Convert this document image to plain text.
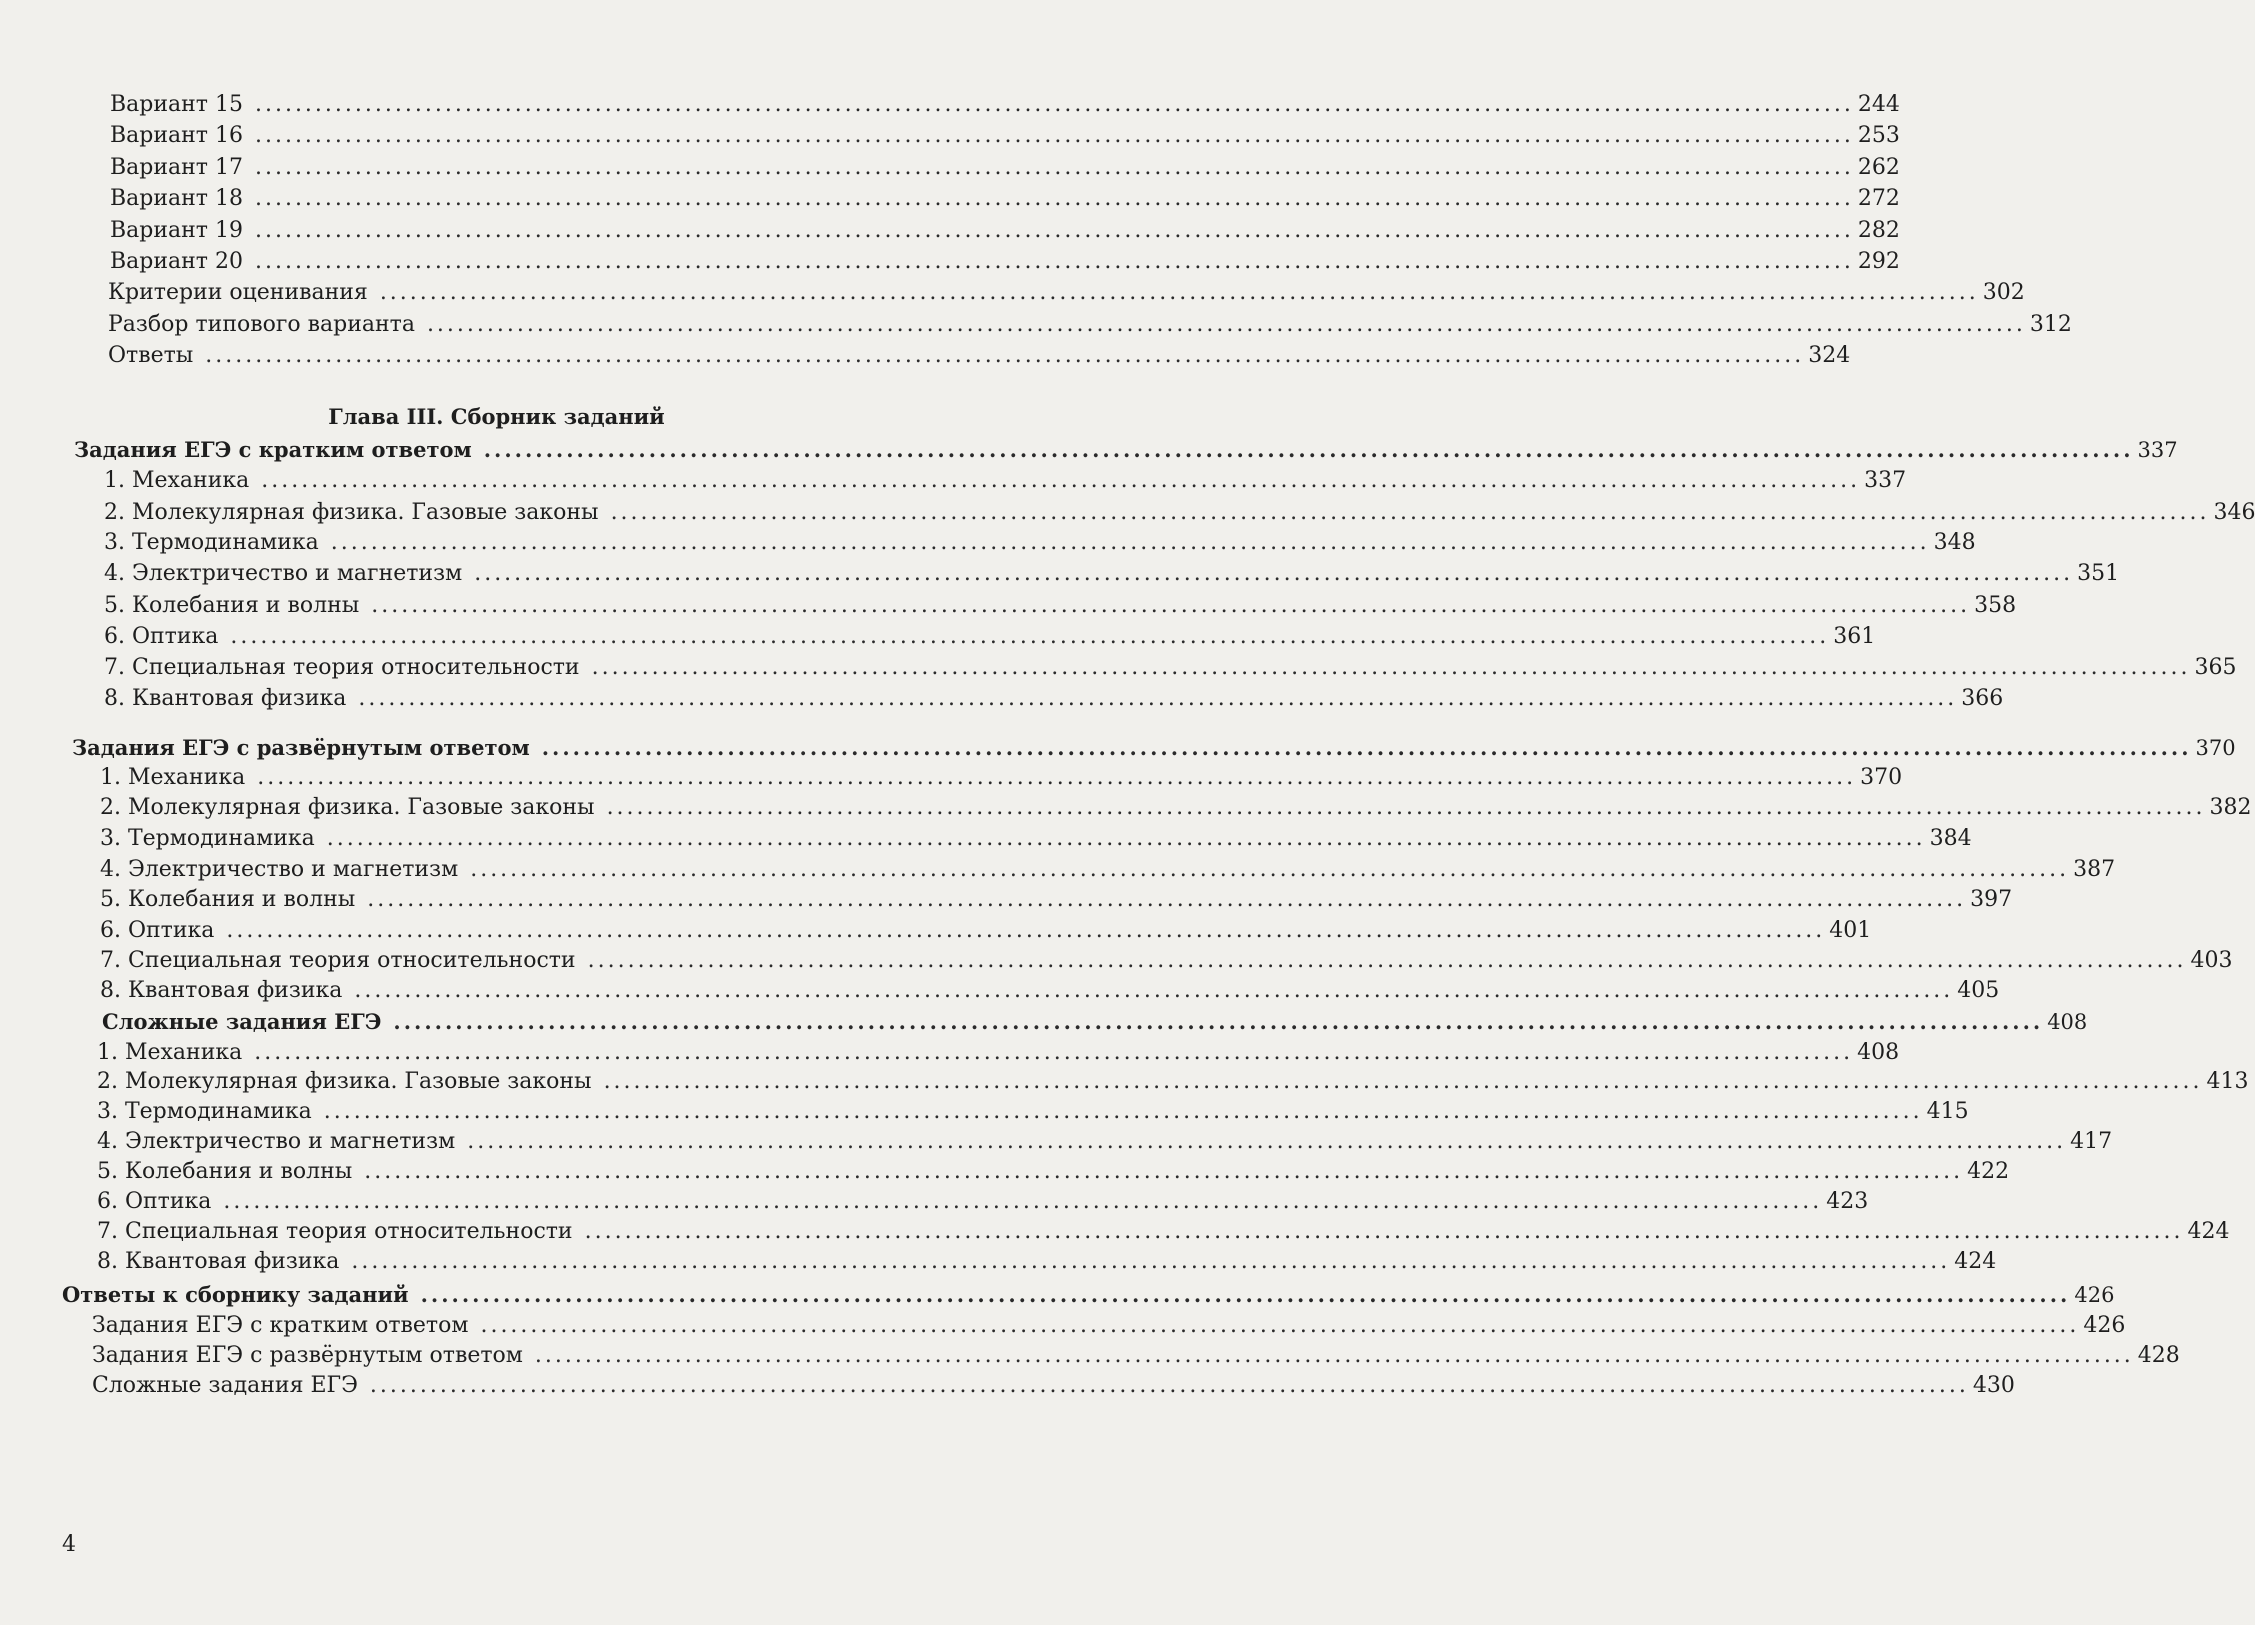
Вариант 15 ................................................................................................................................................................ 244
Вариант 16 ................................................................................................................................................................ 253
Вариант 17 ................................................................................................................................................................ 262
Вариант 18 ................................................................................................................................................................ 272
Вариант 19 ................................................................................................................................................................ 282
Вариант 20 ................................................................................................................................................................ 292
Критерии оценивания ................................................................................................................................................................ 302
Разбор типового варианта ................................................................................................................................................................ 312
Ответы ................................................................................................................................................................ 324
Глава III. Сборник заданий
Задания ЕГЭ с кратким ответом ................................................................................................................................................................ 337
1. Механика ................................................................................................................................................................ 337
2. Молекулярная физика. Газовые законы ................................................................................................................................................................ 346
3. Термодинамика ................................................................................................................................................................ 348
4. Электричество и магнетизм ................................................................................................................................................................ 351
5. Колебания и волны ................................................................................................................................................................ 358
6. Оптика ................................................................................................................................................................ 361
7. Специальная теория относительности ................................................................................................................................................................ 365
8. Квантовая физика ................................................................................................................................................................ 366
Задания ЕГЭ с развёрнутым ответом ................................................................................................................................................................ 370
1. Механика ................................................................................................................................................................ 370
2. Молекулярная физика. Газовые законы ................................................................................................................................................................ 382
3. Термодинамика ................................................................................................................................................................ 384
4. Электричество и магнетизм ................................................................................................................................................................ 387
5. Колебания и волны ................................................................................................................................................................ 397
6. Оптика ................................................................................................................................................................ 401
7. Специальная теория относительности ................................................................................................................................................................ 403
8. Квантовая физика ................................................................................................................................................................ 405
Сложные задания ЕГЭ ................................................................................................................................................................ 408
1. Механика ................................................................................................................................................................ 408
2. Молекулярная физика. Газовые законы ................................................................................................................................................................ 413
3. Термодинамика ................................................................................................................................................................ 415
4. Электричество и магнетизм ................................................................................................................................................................ 417
5. Колебания и волны ................................................................................................................................................................ 422
6. Оптика ................................................................................................................................................................ 423
7. Специальная теория относительности ................................................................................................................................................................ 424
8. Квантовая физика ................................................................................................................................................................ 424
Ответы к сборнику заданий ................................................................................................................................................................ 426
Задания ЕГЭ с кратким ответом ................................................................................................................................................................ 426
Задания ЕГЭ с развёрнутым ответом ................................................................................................................................................................ 428
Сложные задания ЕГЭ ................................................................................................................................................................ 430
4
